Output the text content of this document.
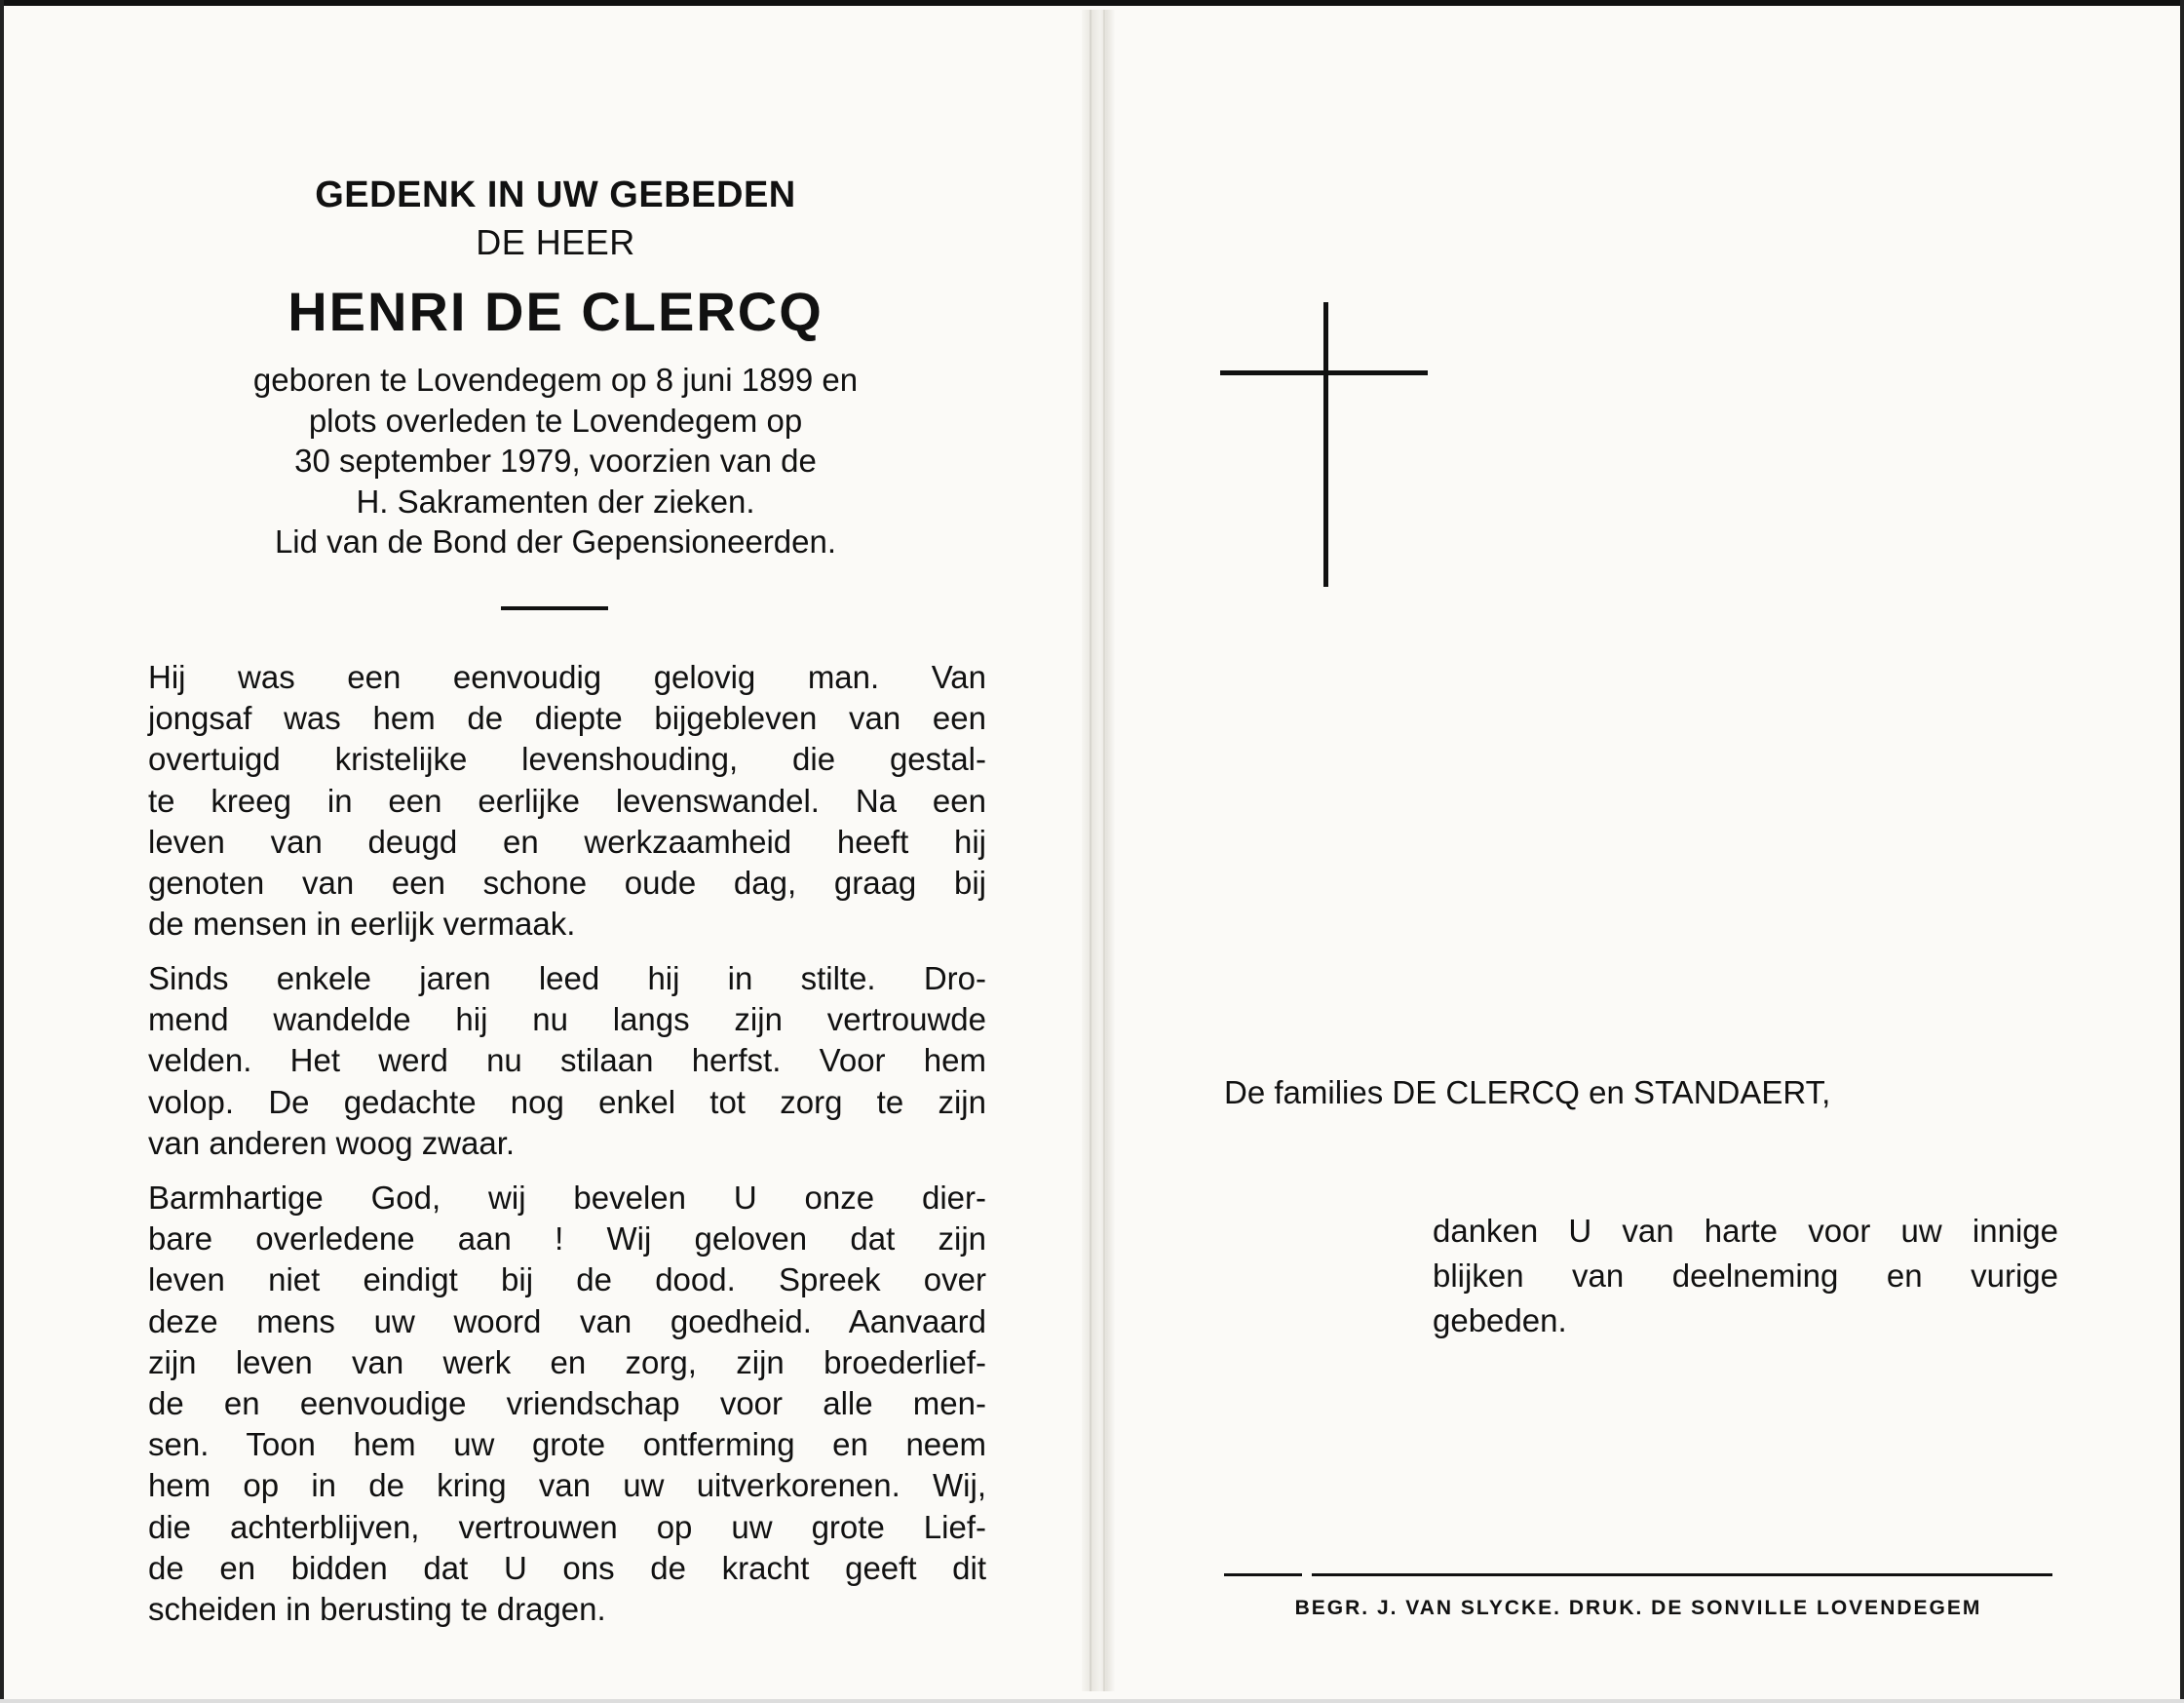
GEDENK IN UW GEBEDEN
DE HEER
HENRI DE CLERCQ
geboren te Lovendegem op 8 juni 1899 en
plots overleden te Lovendegem op
30 september 1979, voorzien van de
H. Sakramenten der zieken.
Lid van de Bond der Gepensioneerden.
Hij was een eenvoudig gelovig man. Van
jongsaf was hem de diepte bijgebleven van een
overtuigd kristelijke levenshouding, die gestal-
te kreeg in een eerlijke levenswandel. Na een
leven van deugd en werkzaamheid heeft hij
genoten van een schone oude dag, graag bij
de mensen in eerlijk vermaak.
Sinds enkele jaren leed hij in stilte. Dro-
mend wandelde hij nu langs zijn vertrouwde
velden. Het werd nu stilaan herfst. Voor hem
volop. De gedachte nog enkel tot zorg te zijn
van anderen woog zwaar.
Barmhartige God, wij bevelen U onze dier-
bare overledene aan ! Wij geloven dat zijn
leven niet eindigt bij de dood. Spreek over
deze mens uw woord van goedheid. Aanvaard
zijn leven van werk en zorg, zijn broederlief-
de en eenvoudige vriendschap voor alle men-
sen. Toon hem uw grote ontferming en neem
hem op in de kring van uw uitverkorenen. Wij,
die achterblijven, vertrouwen op uw grote Lief-
de en bidden dat U ons de kracht geeft dit
scheiden in berusting te dragen.
De families DE CLERCQ en STANDAERT,
danken U van harte voor uw innige
blijken van deelneming en vurige
gebeden.
BEGR. J. VAN SLYCKE. DRUK. DE SONVILLE LOVENDEGEM
